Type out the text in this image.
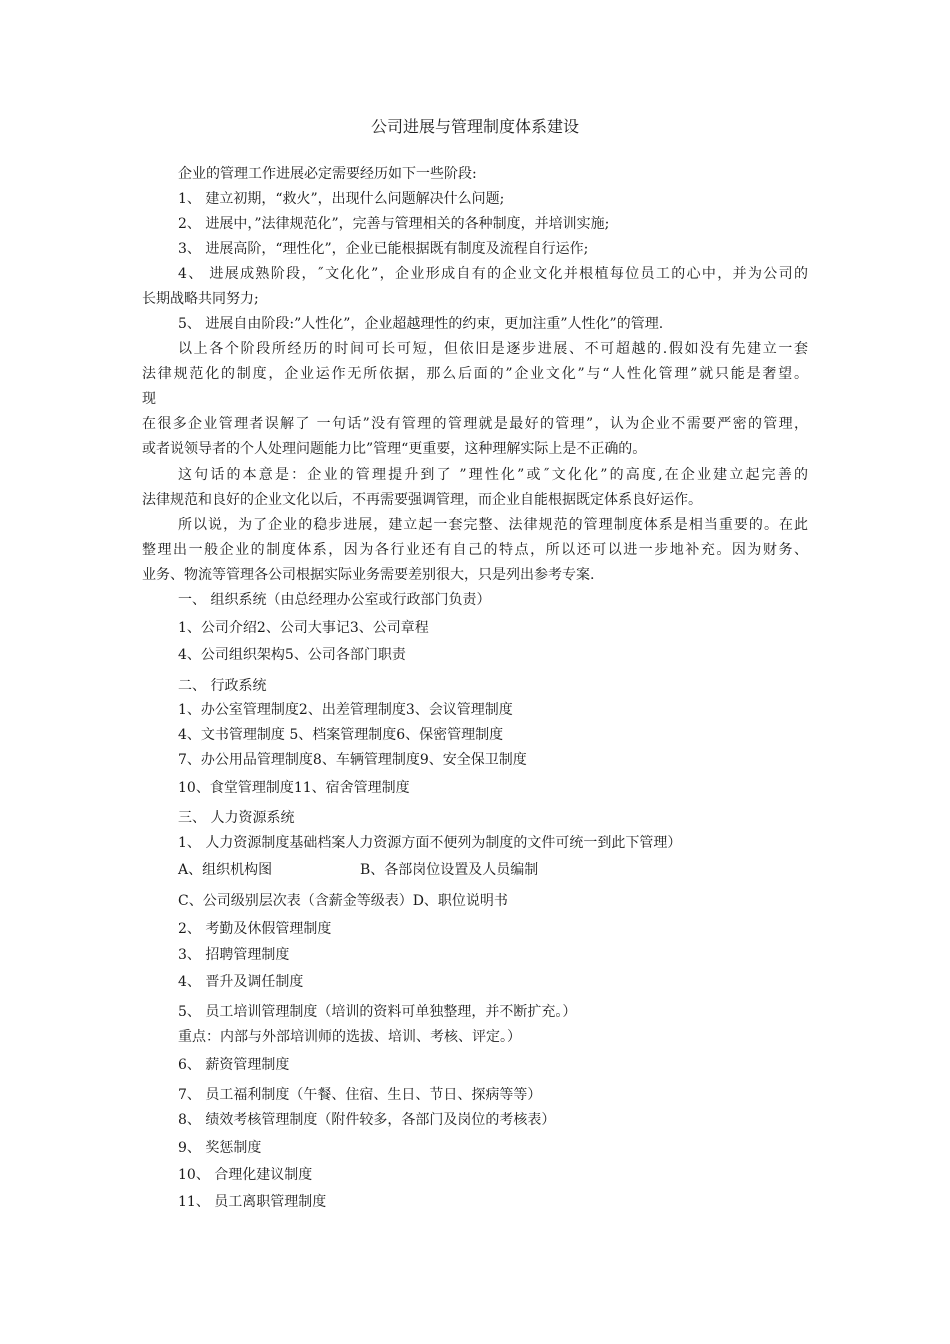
公司进展与管理制度体系建设
企业的管理工作进展必定需要经历如下一些阶段:
1、 建立初期，“救火”，出现什么问题解决什么问题;
2、 进展中，”法律规范化”，完善与管理相关的各种制度，并培训实施;
3、 进展高阶，“理性化”，企业已能根据既有制度及流程自行运作;
4、 进展成熟阶段，˝文化化”，企业形成自有的企业文化并根植每位员工的心中，并为公司的
长期战略共同努力;
5、 进展自由阶段:”人性化”，企业超越理性的约束，更加注重”人性化”的管理.
以上各个阶段所经历的时间可长可短，但依旧是逐步进展、不可超越的.假如没有先建立一套
法律规范化的制度，企业运作无所依据，那么后面的”企业文化”与“人性化管理”就只能是奢望。
现
在很多企业管理者误解了 一句话”没有管理的管理就是最好的管理”，认为企业不需要严密的管理，
或者说领导者的个人处理问题能力比”管理“更重要，这种理解实际上是不正确的。
这句话的本意是：企业的管理提升到了 ”理性化”或˝文化化”的高度,在企业建立起完善的
法律规范和良好的企业文化以后，不再需要强调管理，而企业自能根据既定体系良好运作。
所以说，为了企业的稳步进展，建立起一套完整、法律规范的管理制度体系是相当重要的。在此
整理出一般企业的制度体系，因为各行业还有自己的特点，所以还可以进一步地补充。因为财务、
业务、物流等管理各公司根据实际业务需要差别很大，只是列出参考专案.
一、 组织系统（由总经理办公室或行政部门负责）
1、公司介绍2、公司大事记3、公司章程
4、公司组织架构5、公司各部门职责
二、 行政系统
1、办公室管理制度2、出差管理制度3、会议管理制度
4、文书管理制度 5、档案管理制度6、保密管理制度
7、办公用品管理制度8、车辆管理制度9、安全保卫制度
10、食堂管理制度11、宿舍管理制度
三、 人力资源系统
1、 人力资源制度基础档案人力资源方面不便列为制度的文件可统一到此下管理）
A、组织机构图	B、各部岗位设置及人员编制
C、公司级别层次表（含薪金等级表）D、职位说明书
2、 考勤及休假管理制度
3、 招聘管理制度
4、 晋升及调任制度
5、 员工培训管理制度（培训的资料可单独整理，并不断扩充。）
重点：内部与外部培训师的选拔、培训、考核、评定。）
6、 薪资管理制度
7、 员工福利制度（午餐、住宿、生日、节日、探病等等）
8、 绩效考核管理制度（附件较多，各部门及岗位的考核表）
9、 奖惩制度
10、 合理化建议制度
11、 员工离职管理制度
